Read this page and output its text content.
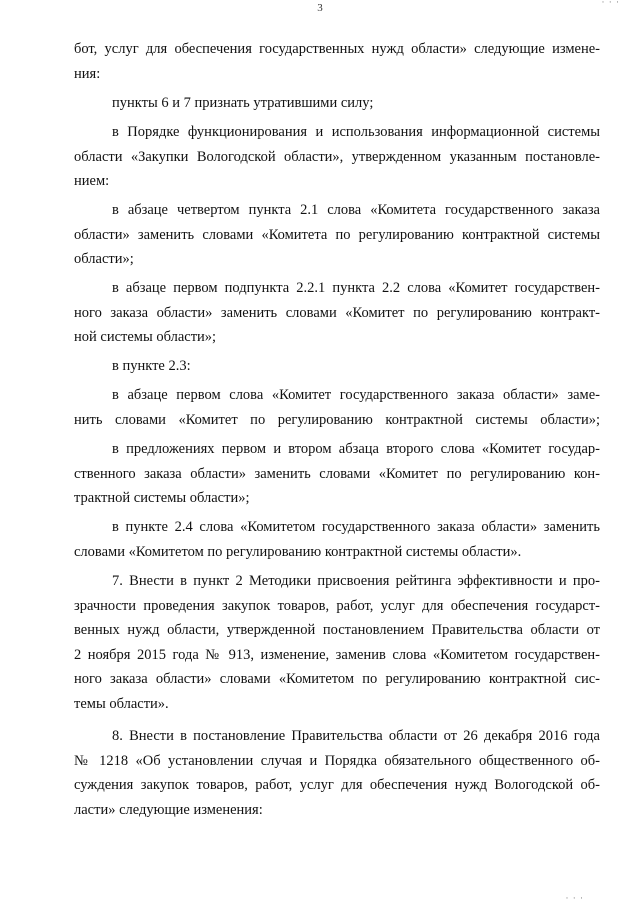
· · ·
3
бот, услуг для обеспечения государственных нужд области» следующие измене-
ния:
пункты 6 и 7 признать утратившими силу;
в Порядке функционирования и использования информационной системы
области «Закупки Вологодской области», утвержденном указанным постановле-
нием:
в абзаце четвертом пункта 2.1 слова «Комитета государственного заказа
области» заменить словами «Комитета по регулированию контрактной системы
области»;
в абзаце первом подпункта 2.2.1 пункта 2.2 слова «Комитет государствен-
ного заказа области» заменить словами «Комитет по регулированию контракт-
ной системы области»;
в пункте 2.3:
в абзаце первом слова «Комитет государственного заказа области» заме-
нить словами «Комитет по регулированию контрактной системы области»;
в предложениях первом и втором абзаца второго слова «Комитет государ-
ственного заказа области» заменить словами «Комитет по регулированию кон-
трактной системы области»;
в пункте 2.4 слова «Комитетом государственного заказа области» заменить
словами «Комитетом по регулированию контрактной системы области».
7. Внести в пункт 2 Методики присвоения рейтинга эффективности и про-
зрачности проведения закупок товаров, работ, услуг для обеспечения государст-
венных нужд области, утвержденной постановлением Правительства области от
2 ноября 2015 года № 913, изменение, заменив слова «Комитетом государствен-
ного заказа области» словами «Комитетом по регулированию контрактной сис-
темы области».
8. Внести в постановление Правительства области от 26 декабря 2016 года
№ 1218 «Об установлении случая и Порядка обязательного общественного об-
суждения закупок товаров, работ, услуг для обеспечения нужд Вологодской об-
ласти» следующие изменения:
· · ·
